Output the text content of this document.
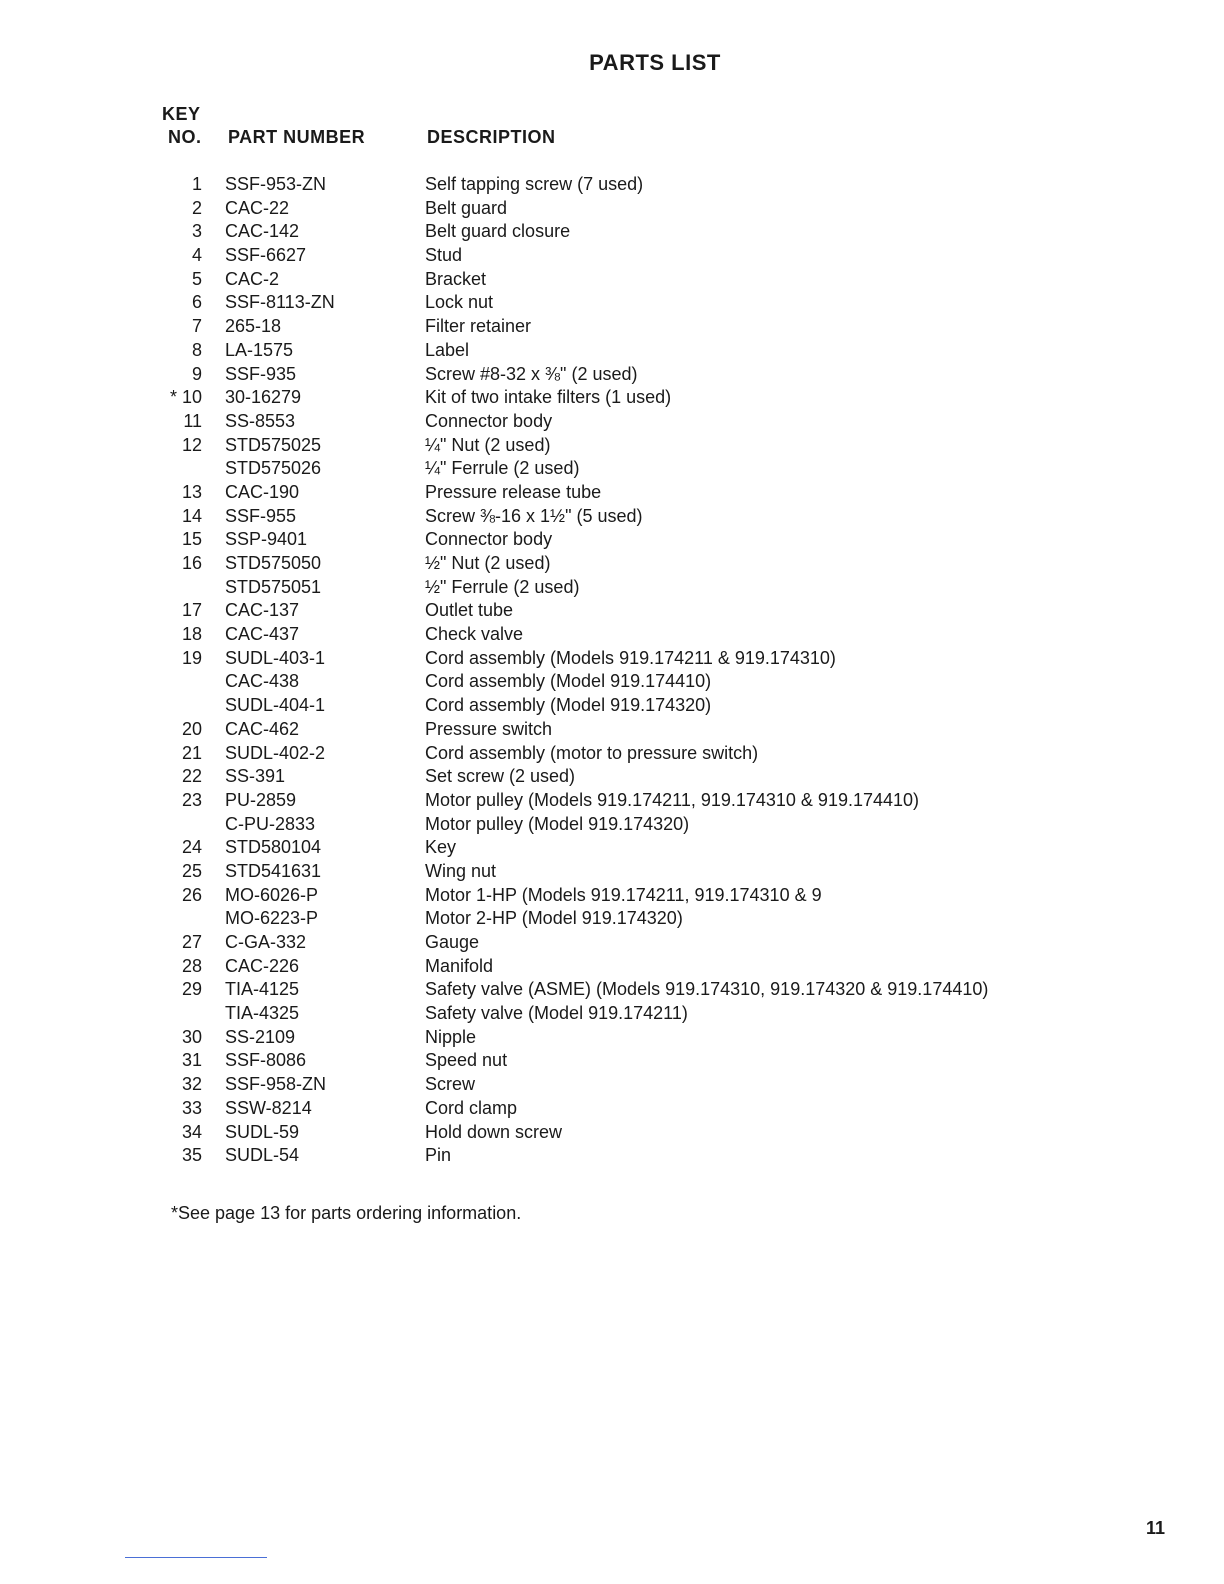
PARTS LIST
KEY
NO. PART NUMBER	DESCRIPTION
1 SSF-953-ZN	Self tapping screw (7 used)
2 CAC-22	Belt guard
3 CAC-142	Belt guard closure
4 SSF-6627	Stud
5 CAC-2	Bracket
6 SSF-8113-ZN	Lock nut
7 265-18	Filter retainer
8 LA-1575	Label
9 SSF-935	Screw #8-32 x ⅜" (2 used)
* 10 30-16279	Kit of two intake filters (1 used)
11 SS-8553	Connector body
12 STD575025	¼" Nut (2 used)
STD575026	¼" Ferrule (2 used)
13 CAC-190	Pressure release tube
14 SSF-955	Screw ⅜-16 x 1½" (5 used)
15 SSP-9401	Connector body
16 STD575050	½" Nut (2 used)
STD575051	½" Ferrule (2 used)
17 CAC-137	Outlet tube
18 CAC-437	Check valve
19 SUDL-403-1	Cord assembly (Models 919.174211 & 919.174310)
CAC-438	Cord assembly (Model 919.174410)
SUDL-404-1	Cord assembly (Model 919.174320)
20 CAC-462	Pressure switch
21 SUDL-402-2	Cord assembly (motor to pressure switch)
22 SS-391	Set screw (2 used)
23 PU-2859	Motor pulley (Models 919.174211, 919.174310 & 919.174410)
C-PU-2833	Motor pulley (Model 919.174320)
24 STD580104	Key
25 STD541631	Wing nut
26 MO-6026-P	Motor 1-HP (Models 919.174211, 919.174310 & 9
MO-6223-P	Motor 2-HP (Model 919.174320)
27 C-GA-332	Gauge
28 CAC-226	Manifold
29 TIA-4125	Safety valve (ASME) (Models 919.174310, 919.174320 & 919.174410)
TIA-4325	Safety valve (Model 919.174211)
30 SS-2109	Nipple
31 SSF-8086	Speed nut
32 SSF-958-ZN	Screw
33 SSW-8214	Cord clamp
34 SUDL-59	Hold down screw
35 SUDL-54	Pin
*See page 13 for parts ordering information.
11
